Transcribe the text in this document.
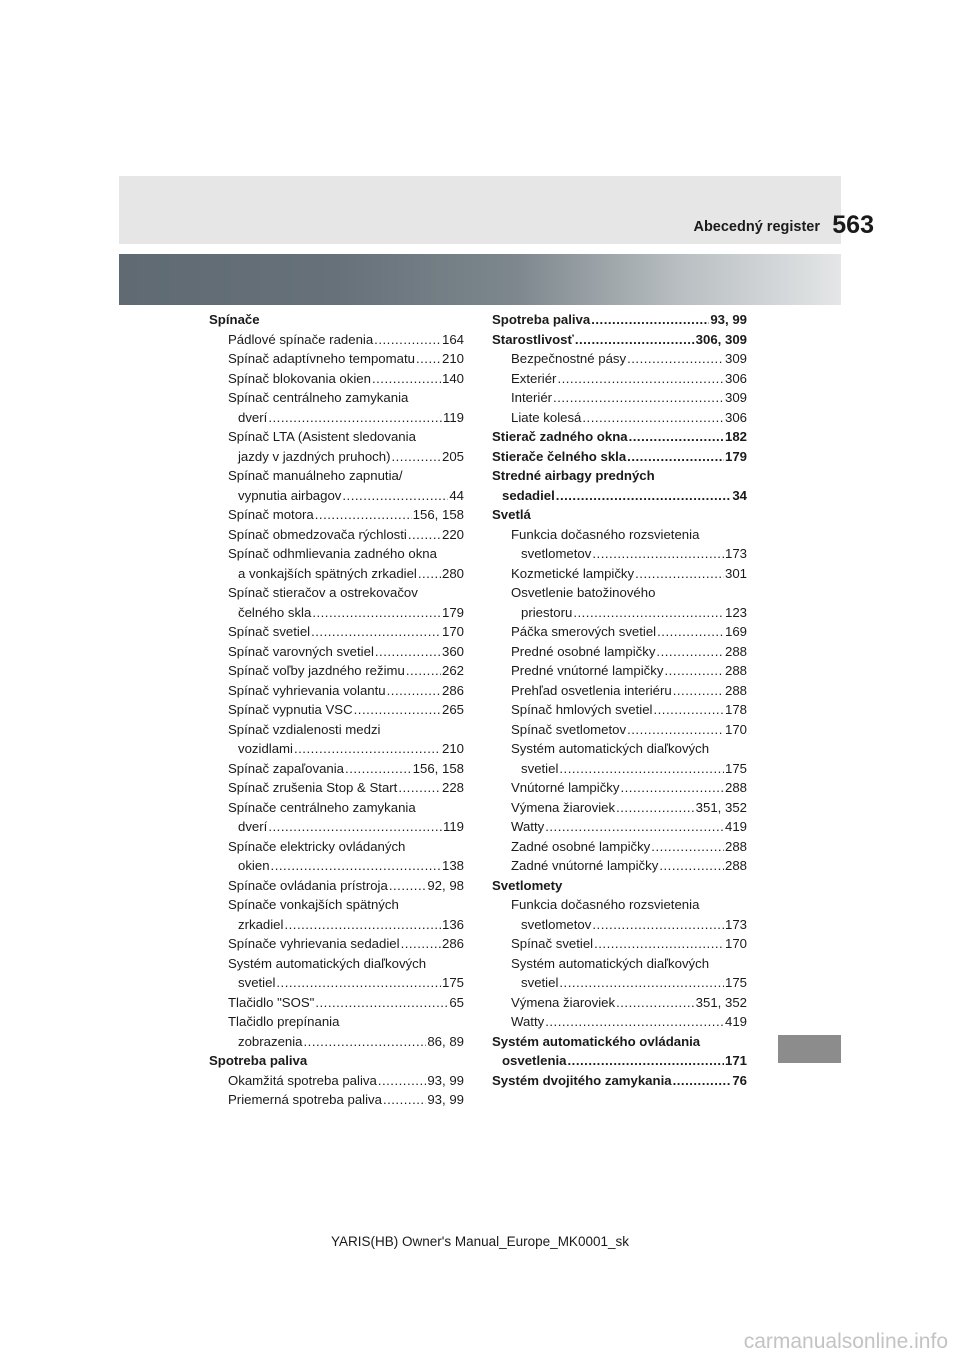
Abecedný register 563
Spínače
Pádlové spínače radenia .....	164
Spínač adaptívneho tempomatu ..... 210
Spínač blokovania okien .....	140
Spínač centrálneho zamykania
dverí .....	119
Spínač LTA (Asistent sledovania
jazdy v jazdných pruhoch) .....	205
Spínač manuálneho zapnutia/
vypnutia airbagov .....	44
Spínač motora .....	156, 158
Spínač obmedzovača rýchlosti .....	220
Spínač odhmlievania zadného okna
a vonkajších spätných zrkadiel ..... 280
Spínač stieračov a ostrekovačov
čelného skla .....	179
Spínač svetiel .....	170
Spínač varovných svetiel .....	360
Spínač voľby jazdného režimu .....	262
Spínač vyhrievania volantu .....	286
Spínač vypnutia VSC .....	265
Spínač vzdialenosti medzi
vozidlami .....	210
Spínač zapaľovania .....	156, 158
Spínač zrušenia Stop & Start .....	228
Spínače centrálneho zamykania
dverí .....	119
Spínače elektricky ovládaných
okien .....	138
Spínače ovládania prístroja .....	92, 98
Spínače vonkajších spätných
zrkadiel .....	136
Spínače vyhrievania sedadiel .....	286
Systém automatických diaľkových
svetiel .....	175
Tlačidlo "SOS" .....	65
Tlačidlo prepínania
zobrazenia .....	86, 89
Spotreba paliva
Okamžitá spotreba paliva .....	93, 99
Priemerná spotreba paliva .....	93, 99
Spotreba paliva .....	93, 99
Starostlivosť .....	306, 309
Bezpečnostné pásy .....	309
Exteriér .....	306
Interiér .....	309
Liate kolesá .....	306
Stierač zadného okna .....	182
Stierače čelného skla .....	179
Stredné airbagy predných
sedadiel .....	34
Svetlá
Funkcia dočasného rozsvietenia
svetlometov .....	173
Kozmetické lampičky .....	301
Osvetlenie batožinového
priestoru .....	123
Páčka smerových svetiel .....	169
Predné osobné lampičky .....	288
Predné vnútorné lampičky .....	288
Prehľad osvetlenia interiéru .....	288
Spínač hmlových svetiel .....	178
Spínač svetlometov .....	170
Systém automatických diaľkových
svetiel .....	175
Vnútorné lampičky .....	288
Výmena žiaroviek .....	351, 352
Watty .....	419
Zadné osobné lampičky .....	288
Zadné vnútorné lampičky .....	288
Svetlomety
Funkcia dočasného rozsvietenia
svetlometov .....	173
Spínač svetiel .....	170
Systém automatických diaľkových
svetiel .....	175
Výmena žiaroviek .....	351, 352
Watty .....	419
Systém automatického ovládania
osvetlenia .....	171
Systém dvojitého zamykania .....	76
YARIS(HB) Owner's Manual_Europe_MK0001_sk
carmanualsonline.info
